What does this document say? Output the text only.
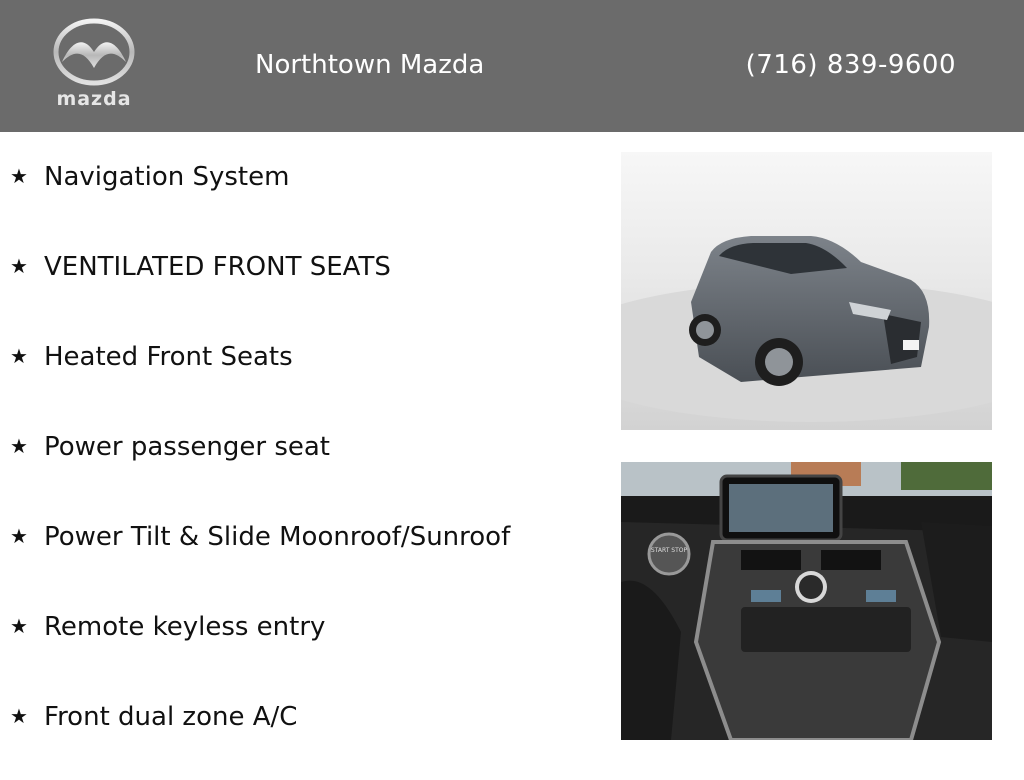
mazda
Northtown Mazda	(716) 839-9600
★ Navigation System
★ VENTILATED FRONT SEATS
★ Heated Front Seats
★ Power passenger seat
★ Power Tilt & Slide Moonroof/Sunroof
★ Remote keyless entry
★ Front dual zone A/C
START STOP
